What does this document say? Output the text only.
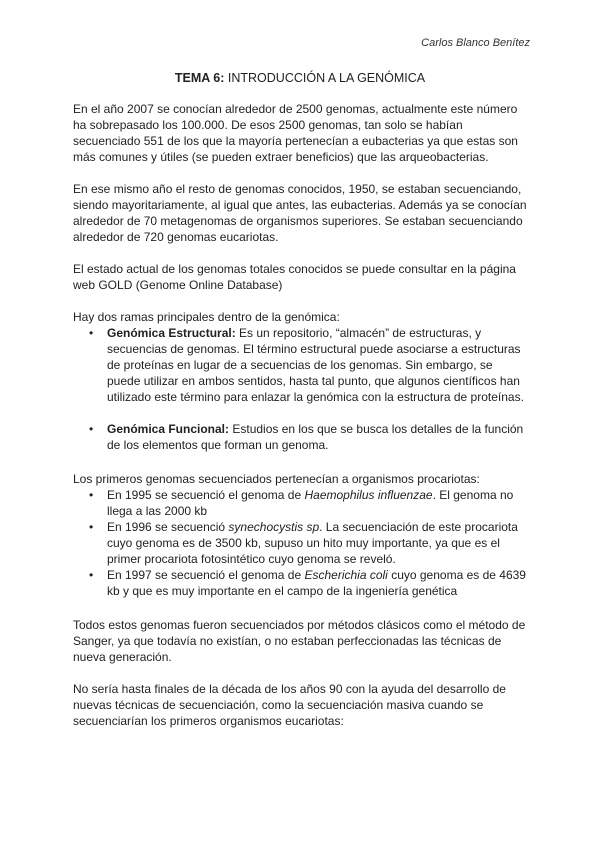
Carlos Blanco Benítez
TEMA 6: INTRODUCCIÓN A LA GENÓMICA

En el año 2007 se conocían alrededor de 2500 genomas, actualmente este número ha sobrepasado los 100.000. De esos 2500 genomas, tan solo se habían secuenciado 551 de los que la mayoría pertenecían a eubacterias ya que estas son más comunes y útiles (se pueden extraer beneficios) que las arqueobacterias.

En ese mismo año el resto de genomas conocidos, 1950, se estaban secuenciando, siendo mayoritariamente, al igual que antes, las eubacterias. Además ya se conocían alrededor de 70 metagenomas de organismos superiores. Se estaban secuenciando alrededor de 720 genomas eucariotas.

El estado actual de los genomas totales conocidos se puede consultar en la página web GOLD (Genome Online Database)

Hay dos ramas principales dentro de la genómica:

• Genómica Estructural: Es un repositorio, “almacén” de estructuras, y secuencias de genomas. El término estructural puede asociarse a estructuras de proteínas en lugar de a secuencias de los genomas. Sin embargo, se puede utilizar en ambos sentidos, hasta tal punto, que algunos científicos han utilizado este término para enlazar la genómica con la estructura de proteínas.
• Genómica Funcional: Estudios en los que se busca los detalles de la función de los elementos que forman un genoma.

Los primeros genomas secuenciados pertenecían a organismos procariotas:

• En 1995 se secuenció el genoma de Haemophilus influenzae. El genoma no llega a las 2000 kb
• En 1996 se secuenció synechocystis sp. La secuenciación de este procariota cuyo genoma es de 3500 kb, supuso un hito muy importante, ya que es el primer procariota fotosintético cuyo genoma se reveló.
• En 1997 se secuenció el genoma de Escherichia coli cuyo genoma es de 4639 kb y que es muy importante en el campo de la ingeniería genética

Todos estos genomas fueron secuenciados por métodos clásicos como el método de Sanger, ya que todavía no existían, o no estaban perfeccionadas las técnicas de nueva generación.

No sería hasta finales de la década de los años 90 con la ayuda del desarrollo de nuevas técnicas de secuenciación, como la secuenciación masiva cuando se secuenciarían los primeros organismos eucariotas:
